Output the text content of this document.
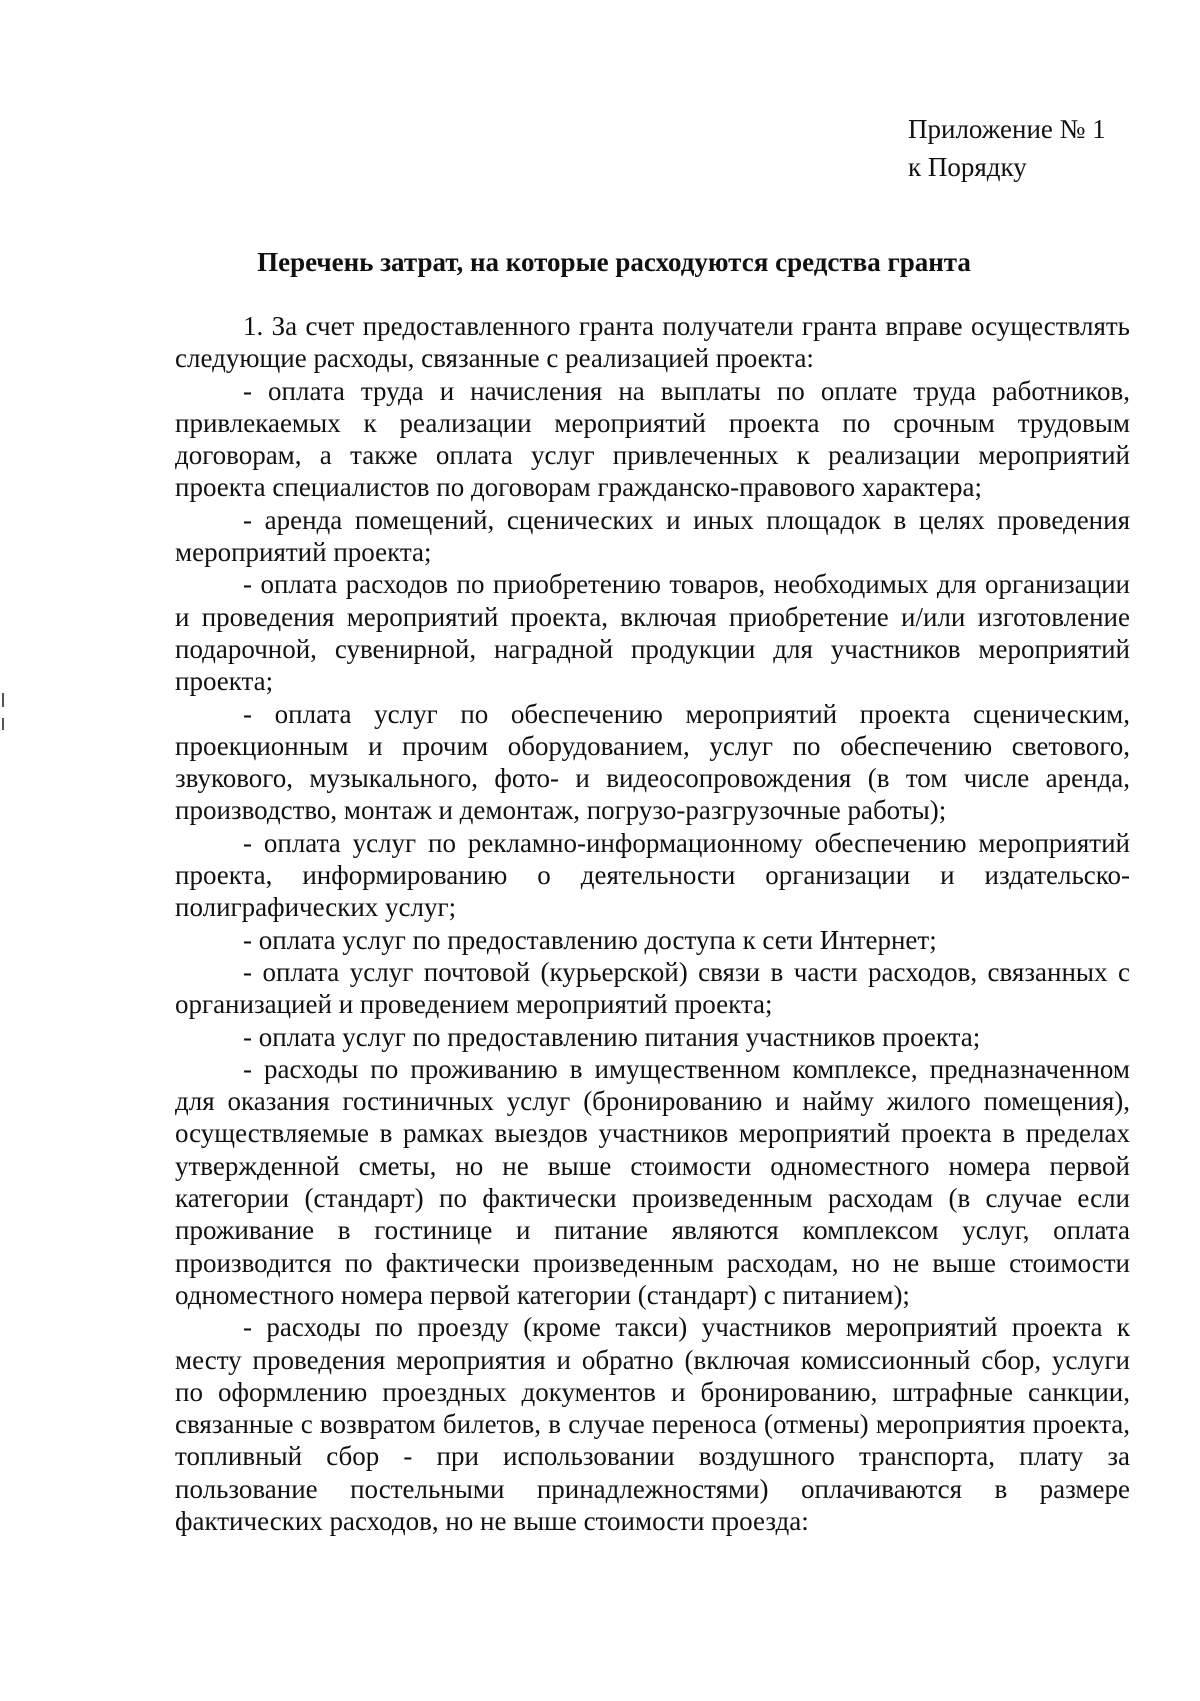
Приложение № 1
к Порядку
Перечень затрат, на которые расходуются средства гранта

1. За счет предоставленного гранта получатели гранта вправе осуществлять следующие расходы, связанные с реализацией проекта:

- оплата труда и начисления на выплаты по оплате труда работников, привлекаемых к реализации мероприятий проекта по срочным трудовым договорам, а также оплата услуг привлеченных к реализации мероприятий проекта специалистов по договорам гражданско-правового характера;

- аренда помещений, сценических и иных площадок в целях проведения мероприятий проекта;

- оплата расходов по приобретению товаров, необходимых для организации и проведения мероприятий проекта, включая приобретение и/или изготовление подарочной, сувенирной, наградной продукции для участников мероприятий проекта;

- оплата услуг по обеспечению мероприятий проекта сценическим, проекционным и прочим оборудованием, услуг по обеспечению светового, звукового, музыкального, фото- и видеосопровождения (в том числе аренда, производство, монтаж и демонтаж, погрузо-разгрузочные работы);

- оплата услуг по рекламно-информационному обеспечению мероприятий проекта, информированию о деятельности организации и издательско-полиграфических услуг;

- оплата услуг по предоставлению доступа к сети Интернет;

- оплата услуг почтовой (курьерской) связи в части расходов, связанных с организацией и проведением мероприятий проекта;

- оплата услуг по предоставлению питания участников проекта;

- расходы по проживанию в имущественном комплексе, предназначенном для оказания гостиничных услуг (бронированию и найму жилого помещения), осуществляемые в рамках выездов участников мероприятий проекта в пределах утвержденной сметы, но не выше стоимости одноместного номера первой категории (стандарт) по фактически произведенным расходам (в случае если проживание в гостинице и питание являются комплексом услуг, оплата производится по фактически произведенным расходам, но не выше стоимости одноместного номера первой категории (стандарт) с питанием);

- расходы по проезду (кроме такси) участников мероприятий проекта к месту проведения мероприятия и обратно (включая комиссионный сбор, услуги по оформлению проездных документов и бронированию, штрафные санкции, связанные с возвратом билетов, в случае переноса (отмены) мероприятия проекта, топливный сбор - при использовании воздушного транспорта, плату за пользование постельными принадлежностями) оплачиваются в размере фактических расходов, но не выше стоимости проезда:
